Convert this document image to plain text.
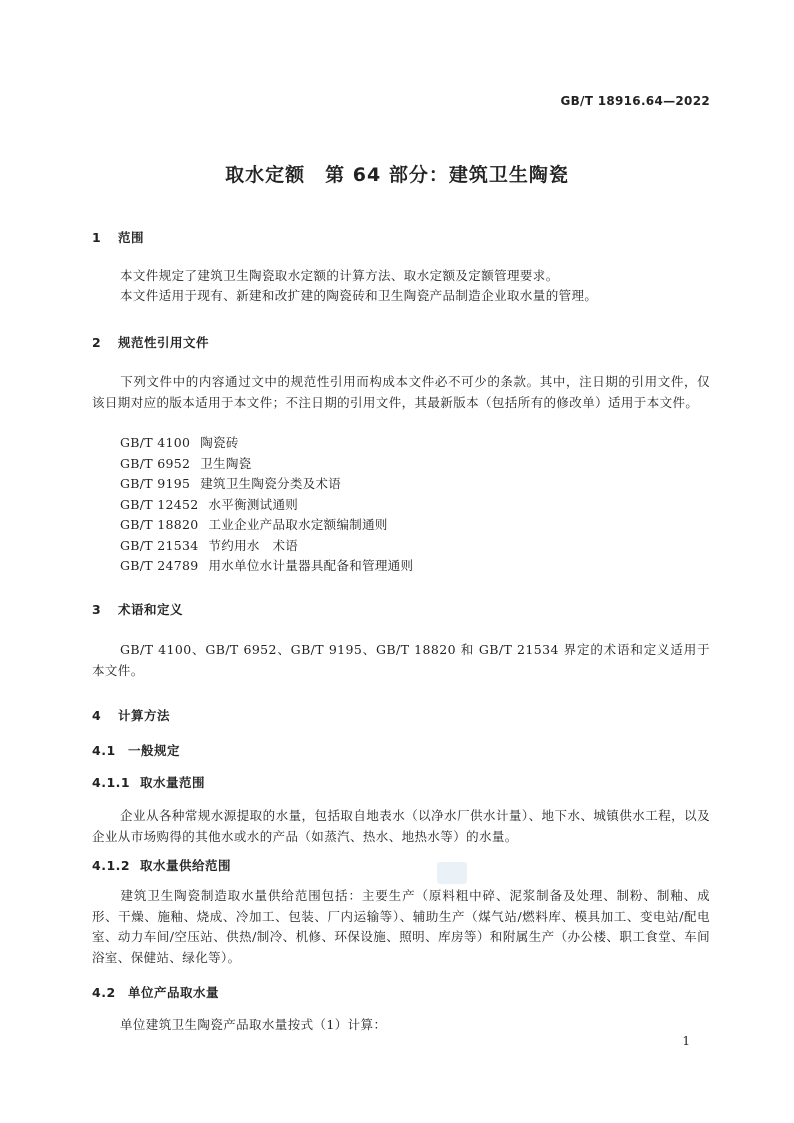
GB/T 18916.64—2022
取水定额　第 64 部分：建筑卫生陶瓷
1 范围
本文件规定了建筑卫生陶瓷取水定额的计算方法、取水定额及定额管理要求。
本文件适用于现有、新建和改扩建的陶瓷砖和卫生陶瓷产品制造企业取水量的管理。
2 规范性引用文件
下列文件中的内容通过文中的规范性引用而构成本文件必不可少的条款。其中，注日期的引用文件，仅该日期对应的版本适用于本文件；不注日期的引用文件，其最新版本（包括所有的修改单）适用于本文件。
GB/T 4100 陶瓷砖
GB/T 6952 卫生陶瓷
GB/T 9195 建筑卫生陶瓷分类及术语
GB/T 12452 水平衡测试通则
GB/T 18820 工业企业产品取水定额编制通则
GB/T 21534 节约用水　术语
GB/T 24789 用水单位水计量器具配备和管理通则
3 术语和定义
GB/T 4100、GB/T 6952、GB/T 9195、GB/T 18820 和 GB/T 21534 界定的术语和定义适用于本文件。
4 计算方法
4.1 一般规定
4.1.1 取水量范围
企业从各种常规水源提取的水量，包括取自地表水（以净水厂供水计量）、地下水、城镇供水工程，以及企业从市场购得的其他水或水的产品（如蒸汽、热水、地热水等）的水量。
4.1.2 取水量供给范围
建筑卫生陶瓷制造取水量供给范围包括：主要生产（原料粗中碎、泥浆制备及处理、制粉、制釉、成形、干燥、施釉、烧成、冷加工、包装、厂内运输等）、辅助生产（煤气站/燃料库、模具加工、变电站/配电室、动力车间/空压站、供热/制冷、机修、环保设施、照明、库房等）和附属生产（办公楼、职工食堂、车间浴室、保健站、绿化等）。
4.2 单位产品取水量
单位建筑卫生陶瓷产品取水量按式（1）计算：
1
